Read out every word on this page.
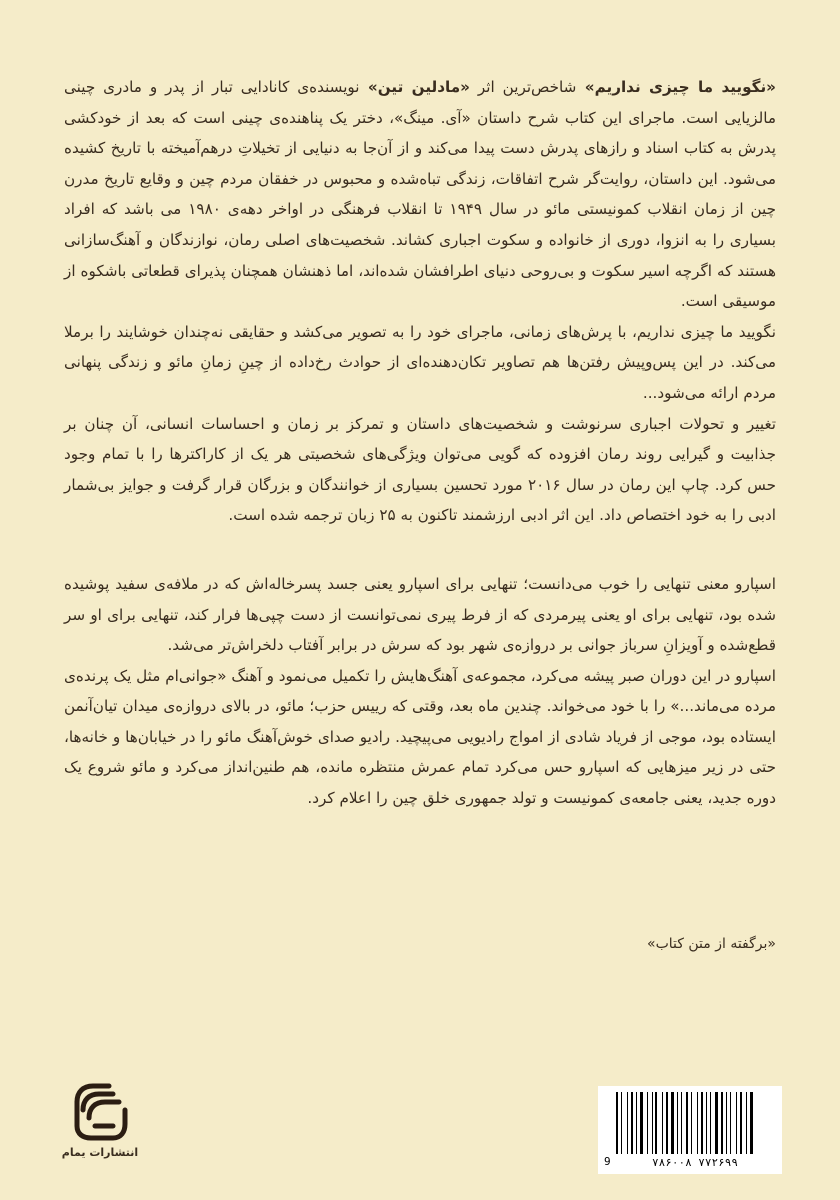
«نگویید ما چیزی نداریم» شاخص‌ترین اثر «مادلین تین» نویسنده‌ی کانادایی تبار از پدر و مادری چینی مالزیایی است. ماجرای این کتاب شرح داستان «آی. مینگ»، دختر یک پناهنده‌ی چینی است که بعد از خودکشی پدرش به کتاب اسناد و رازهای پدرش دست پیدا می‌کند و از آن‌جا به دنیایی از تخیلاتِ درهم‌آمیخته با تاریخ کشیده می‌شود. این داستان، روایت‌گر شرح اتفاقات، زندگی تباه‌شده و محبوس در خفقان مردم چین و وقایع تاریخ مدرن چین از زمان انقلاب کمونیستی مائو در سال ۱۹۴۹ تا انقلاب فرهنگی در اواخر دهه‌ی ۱۹۸۰ می باشد که افراد بسیاری را به انزوا، دوری از خانواده و سکوت اجباری کشاند. شخصیت‌های اصلی رمان، نوازندگان و آهنگ‌سازانی هستند که اگرچه اسیر سکوت و بی‌روحی دنیای اطرافشان شده‌اند، اما ذهنشان همچنان پذیرای قطعاتی باشکوه از موسیقی است.

نگویید ما چیزی نداریم، با پرش‌های زمانی، ماجرای خود را به تصویر می‌کشد و حقایقی نه‌چندان خوشایند را برملا می‌کند. در این پس‌وپیش رفتن‌ها هم تصاویر تکان‌دهنده‌ای از حوادث رخ‌داده از چینِ زمانِ مائو و زندگی پنهانی مردم ارائه می‌شود...

تغییر و تحولات اجباری سرنوشت و شخصیت‌های داستان و تمرکز بر زمان و احساسات انسانی، آن چنان بر جذابیت و گیرایی روند رمان افزوده که گویی می‌توان ویژگی‌های شخصیتی هر یک از کاراکترها را با تمام وجود حس کرد. چاپ این رمان در سال ۲۰۱۶ مورد تحسین بسیاری از خوانندگان و بزرگان قرار گرفت و جوایز بی‌شمار ادبی را به خود اختصاص داد. این اثر ادبی ارزشمند تاکنون به ۲۵ زبان ترجمه شده است.

اسپارو معنی تنهایی را خوب می‌دانست؛ تنهایی برای اسپارو یعنی جسد پسرخاله‌اش که در ملافه‌ی سفید پوشیده شده بود، تنهایی برای او یعنی پیرمردی که از فرط پیری نمی‌توانست از دست چپی‌ها فرار کند، تنهایی برای او سر قطع‌شده و آویزانِ سرباز جوانی بر دروازه‌ی شهر بود که سرش در برابر آفتاب دلخراش‌تر می‌شد.

اسپارو در این دوران صبر پیشه می‌کرد، مجموعه‌ی آهنگ‌هایش را تکمیل می‌نمود و آهنگ «جوانی‌ام مثل یک پرنده‌ی مرده می‌ماند...» را با خود می‌خواند. چندین ماه بعد، وقتی که رییس حزب؛ مائو، در بالای دروازه‌ی میدان تیان‌آنمن ایستاده بود، موجی از فریاد شادی از امواج رادیویی می‌پیچید. رادیو صدای خوش‌آهنگ مائو را در خیابان‌ها و خانه‌ها، حتی در زیر میزهایی که اسپارو حس می‌کرد تمام عمرش منتظره مانده، هم طنین‌انداز می‌کرد و مائو شروع یک دوره جدید، یعنی جامعه‌ی کمونیست و تولد جمهوری خلق چین را اعلام کرد.

«برگفته از متن کتاب»
انتشارات یمام
۷۸۶۰۰۸ ۷۷۲۶۹۹
9
